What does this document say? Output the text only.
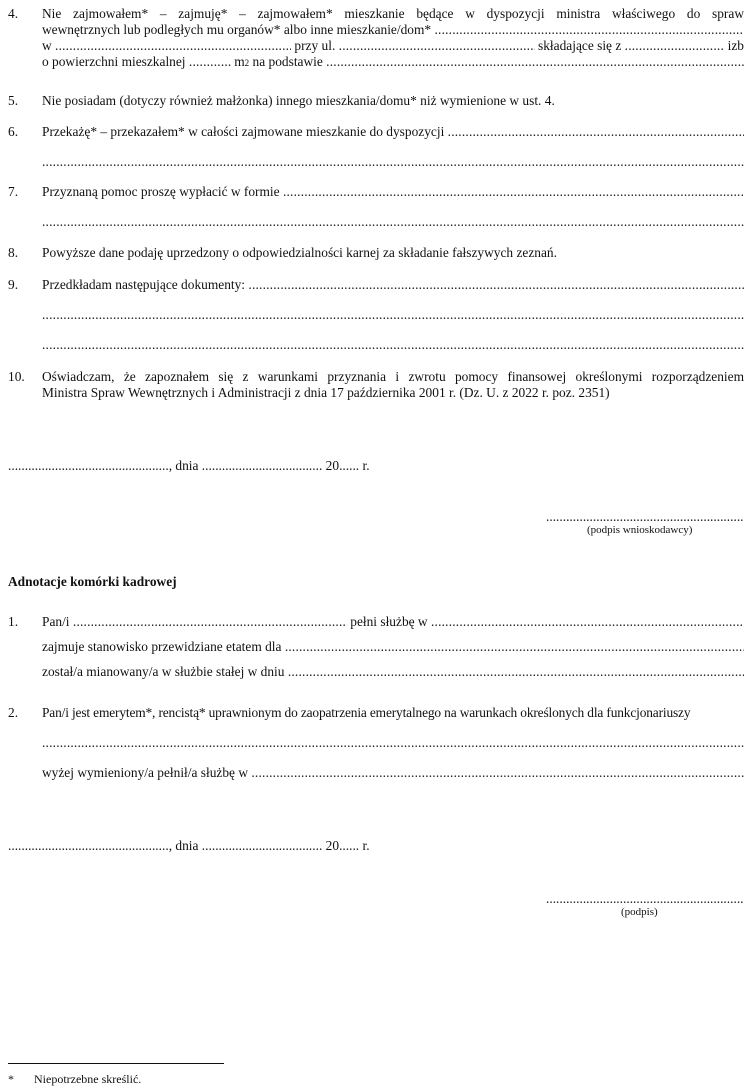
4. Nie zajmowałem* – zajmuję* – zajmowałem* mieszkanie będące w dyspozycji ministra właściwego do spraw
wewnętrznych lub podległych mu organów* albo inne mieszkanie/dom*

.....
w
.....
	przy ul.
.....
	składające się z
.....
	izb
o powierzchni mieszkalnej
.....
	m 2
na podstawie

.....
5. Nie posiadam (dotyczy również małżonka) innego mieszkania/domu* niż wymienione w ust. 4.
6. Przekażę* – przekazałem* w całości zajmowane mieszkanie do dyspozycji

.....
.....
7. Przyznaną pomoc proszę wypłacić w formie

.....
.....
8. Powyższe dane podaję uprzedzony o odpowiedzialności karnej za składanie fałszywych zeznań.
9. Przedkładam następujące dokumenty:

.....
.....
.....
10. Oświadczam, że zapoznałem się z warunkami przyznania i zwrotu pomocy finansowej określonymi rozporządzeniem
Ministra Spraw Wewnętrznych i Administracji z dnia 17 października 2001 r. (Dz. U. z 2022 r. poz. 2351)
................................................, dnia .................................... 20...... r.
...........................................................
(podpis wnioskodawcy)
Adnotacje komórki kadrowej
1. Pan/i
.....
	pełni służbę w

.....
zajmuje stanowisko przewidziane etatem dla

.....
został/a mianowany/a w służbie stałej w dniu

.....
2. Pan/i jest emerytem*, rencistą* uprawnionym do zaopatrzenia emerytalnego na warunkach określonych dla funkcjonariuszy
.....
wyżej wymieniony/a pełnił/a służbę w

.....
................................................, dnia .................................... 20...... r.
...........................................................
(podpis)
* Niepotrzebne skreślić.
